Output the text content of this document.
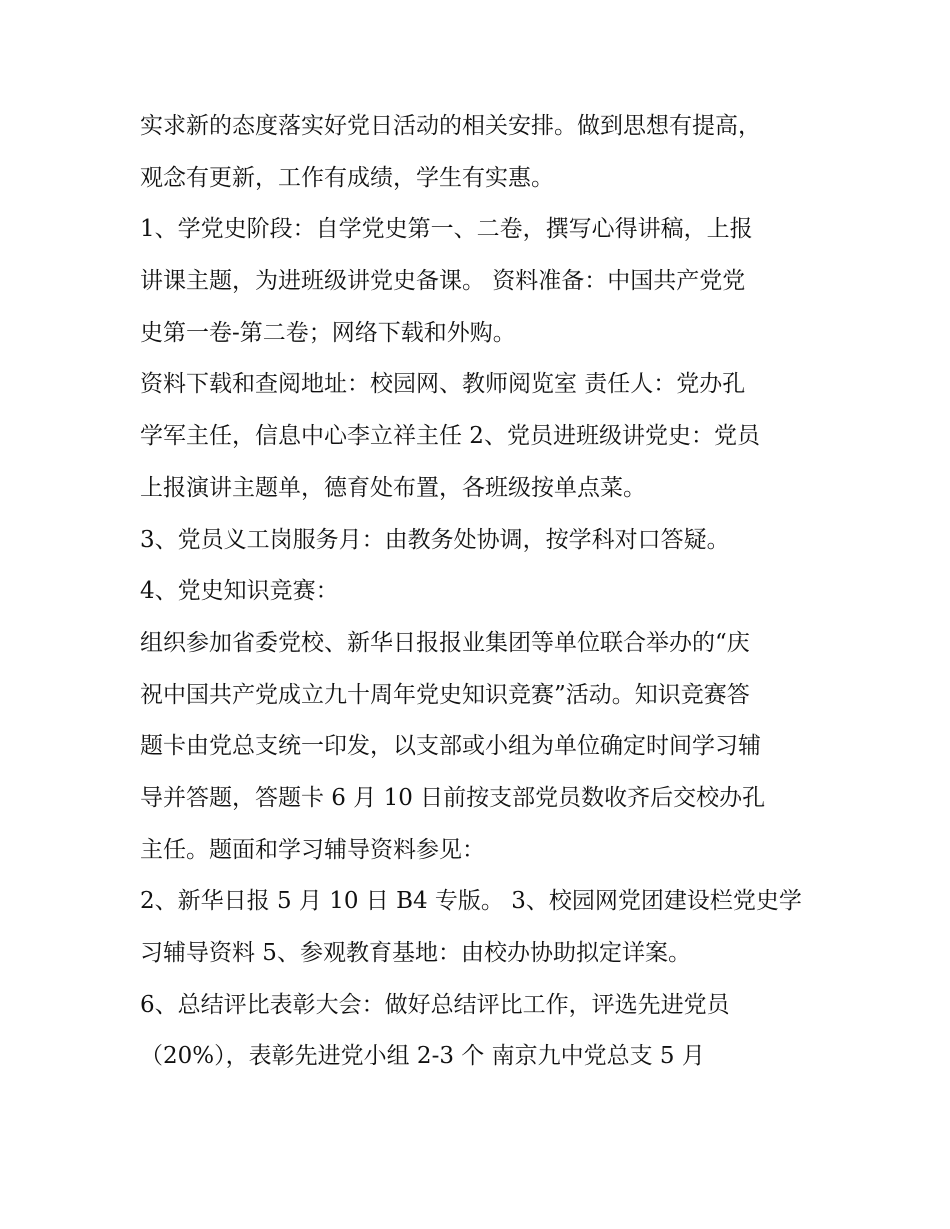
实求新的态度落实好党日活动的相关安排。做到思想有提高，
观念有更新，工作有成绩，学生有实惠。
1、学党史阶段：自学党史第一、二卷，撰写心得讲稿，上报
讲课主题，为进班级讲党史备课。 资料准备：中国共产党党
史第一卷-第二卷；网络下载和外购。
资料下载和查阅地址：校园网、教师阅览室 责任人：党办孔
学军主任，信息中心李立祥主任 2、党员进班级讲党史：党员
上报演讲主题单，德育处布置，各班级按单点菜。
3、党员义工岗服务月：由教务处协调，按学科对口答疑。
4、党史知识竞赛：
组织参加省委党校、新华日报报业集团等单位联合举办的“庆
祝中国共产党成立九十周年党史知识竞赛”活动。知识竞赛答
题卡由党总支统一印发，以支部或小组为单位确定时间学习辅
导并答题，答题卡 6 月 10 日前按支部党员数收齐后交校办孔
主任。题面和学习辅导资料参见：
2、新华日报 5 月 10 日 B4 专版。 3、校园网党团建设栏党史学
习辅导资料 5、参观教育基地：由校办协助拟定详案。
6、总结评比表彰大会：做好总结评比工作，评选先进党员
（20%），表彰先进党小组 2-3 个 南京九中党总支 5 月
